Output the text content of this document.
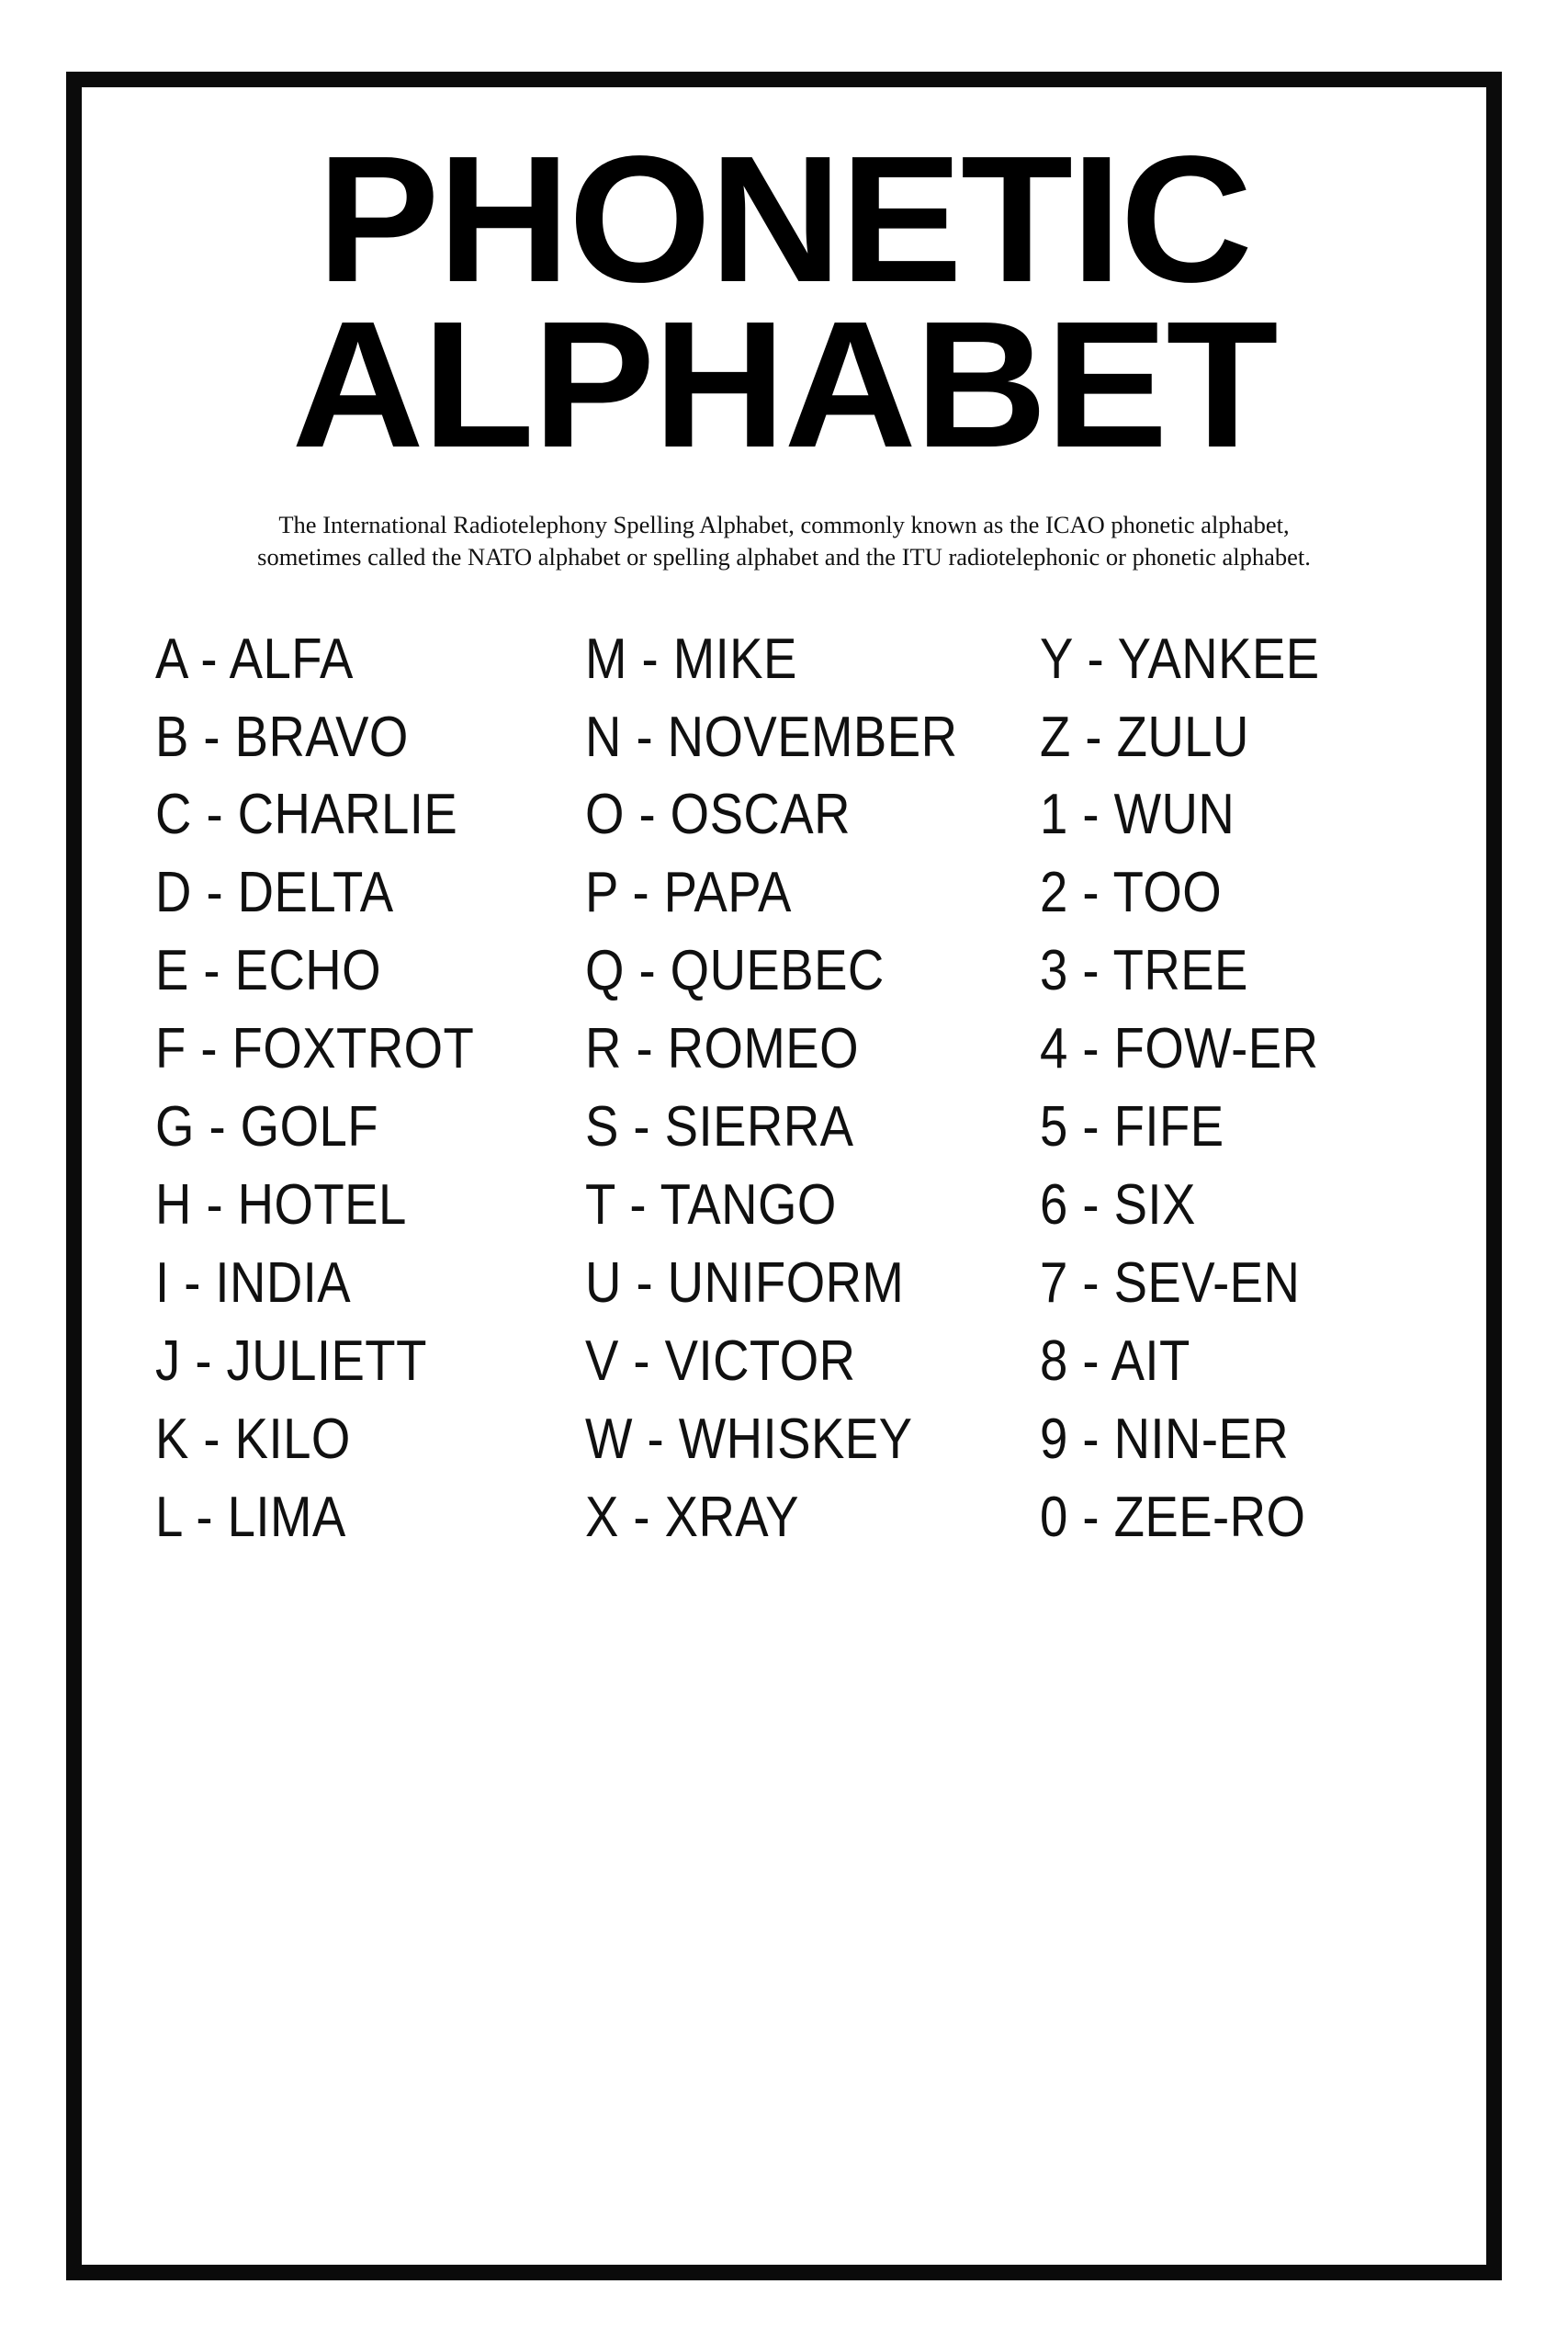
PHONETIC
ALPHABET
The International Radiotelephony Spelling Alphabet, commonly known as the ICAO phonetic alphabet, sometimes called the NATO alphabet or spelling alphabet and the ITU radiotelephonic or phonetic alphabet.
A - ALFA
B - BRAVO
C - CHARLIE
D - DELTA
E - ECHO
F - FOXTROT
G - GOLF
H - HOTEL
I - INDIA
J - JULIETT
K - KILO
L - LIMA
M - MIKE
N - NOVEMBER
O - OSCAR
P - PAPA
Q - QUEBEC
R - ROMEO
S - SIERRA
T - TANGO
U - UNIFORM
V - VICTOR
W - WHISKEY
X - XRAY
Y - YANKEE
Z - ZULU
1 - WUN
2 - TOO
3 - TREE
4 - FOW-ER
5 - FIFE
6 - SIX
7 - SEV-EN
8 - AIT
9 - NIN-ER
0 - ZEE-RO
